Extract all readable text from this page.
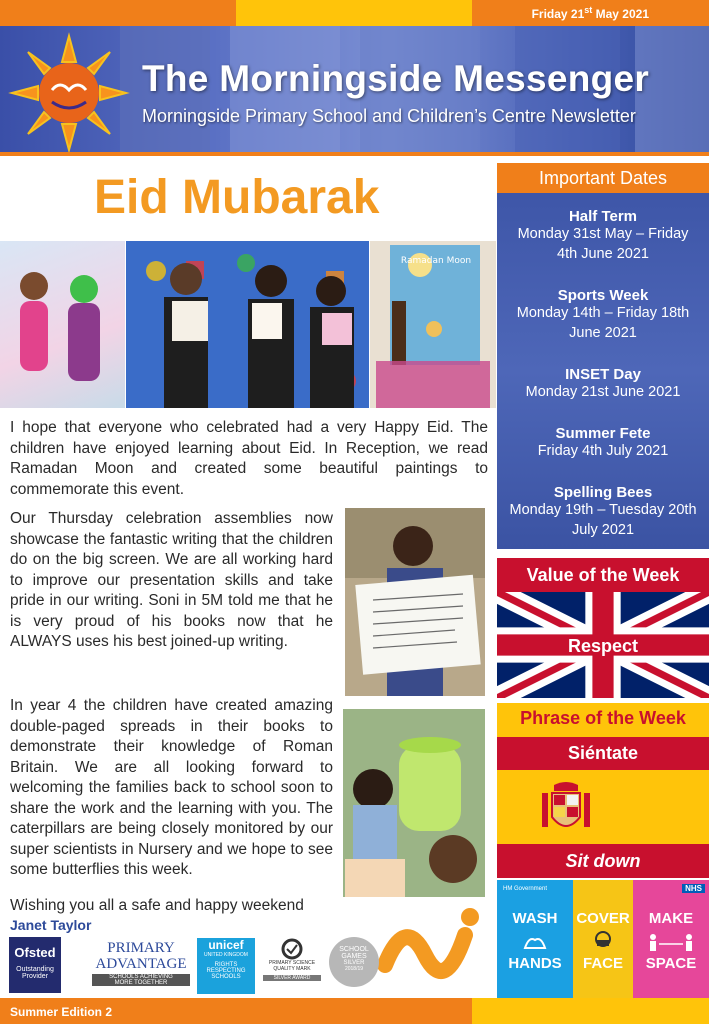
Friday 21st May 2021
The Morningside Messenger
Morningside Primary School and Children’s Centre Newsletter
Eid Mubarak
Ramadan Moon
I hope that everyone who celebrated had a very Happy Eid. The children have enjoyed learning about Eid. In Reception, we read Ramadan Moon and created some beautiful paintings to commemorate this event.
Our Thursday celebration assemblies now showcase the fantastic writing that the children do on the big screen. We are all working hard to improve our presentation skills and take pride in our writing. Soni in 5M told me that he is very proud of his books now that he ALWAYS uses his best joined-up writing.
In year 4 the children have created amazing double-paged spreads in their books to demonstrate their knowledge of Roman Britain. We are all looking forward to welcoming the families back to school soon to share the work and the learning with you. The caterpillars are being closely monitored by our super scientists in Nursery and we hope to see some butterflies this week.
Wishing you all a safe and happy weekend
Janet Taylor
Ofsted
Outstanding
Provider
PRIMARY
ADVANTAGE
SCHOOLS ACHIEVING
MORE TOGETHER
unicef
UNITED KINGDOM
RIGHTS
RESPECTING
SCHOOLS
PRIMARY SCIENCE
QUALITY MARK
SILVER AWARD
SCHOOL
GAMES
SILVER
2018/19
Important Dates
Half Term
Monday 31st May – Friday
4th June 2021
Sports Week
Monday 14th – Friday 18th
June 2021
INSET Day
Monday 21st June 2021
Summer Fete
Friday 4th July 2021
Spelling Bees
Monday 19th – Tuesday 20th
July 2021
Value of the Week
Respect
Phrase of the Week
Siéntate
Sit down
HM Government	NHS
WASH	COVER	MAKE
HANDS	FACE	SPACE
Summer Edition 2
